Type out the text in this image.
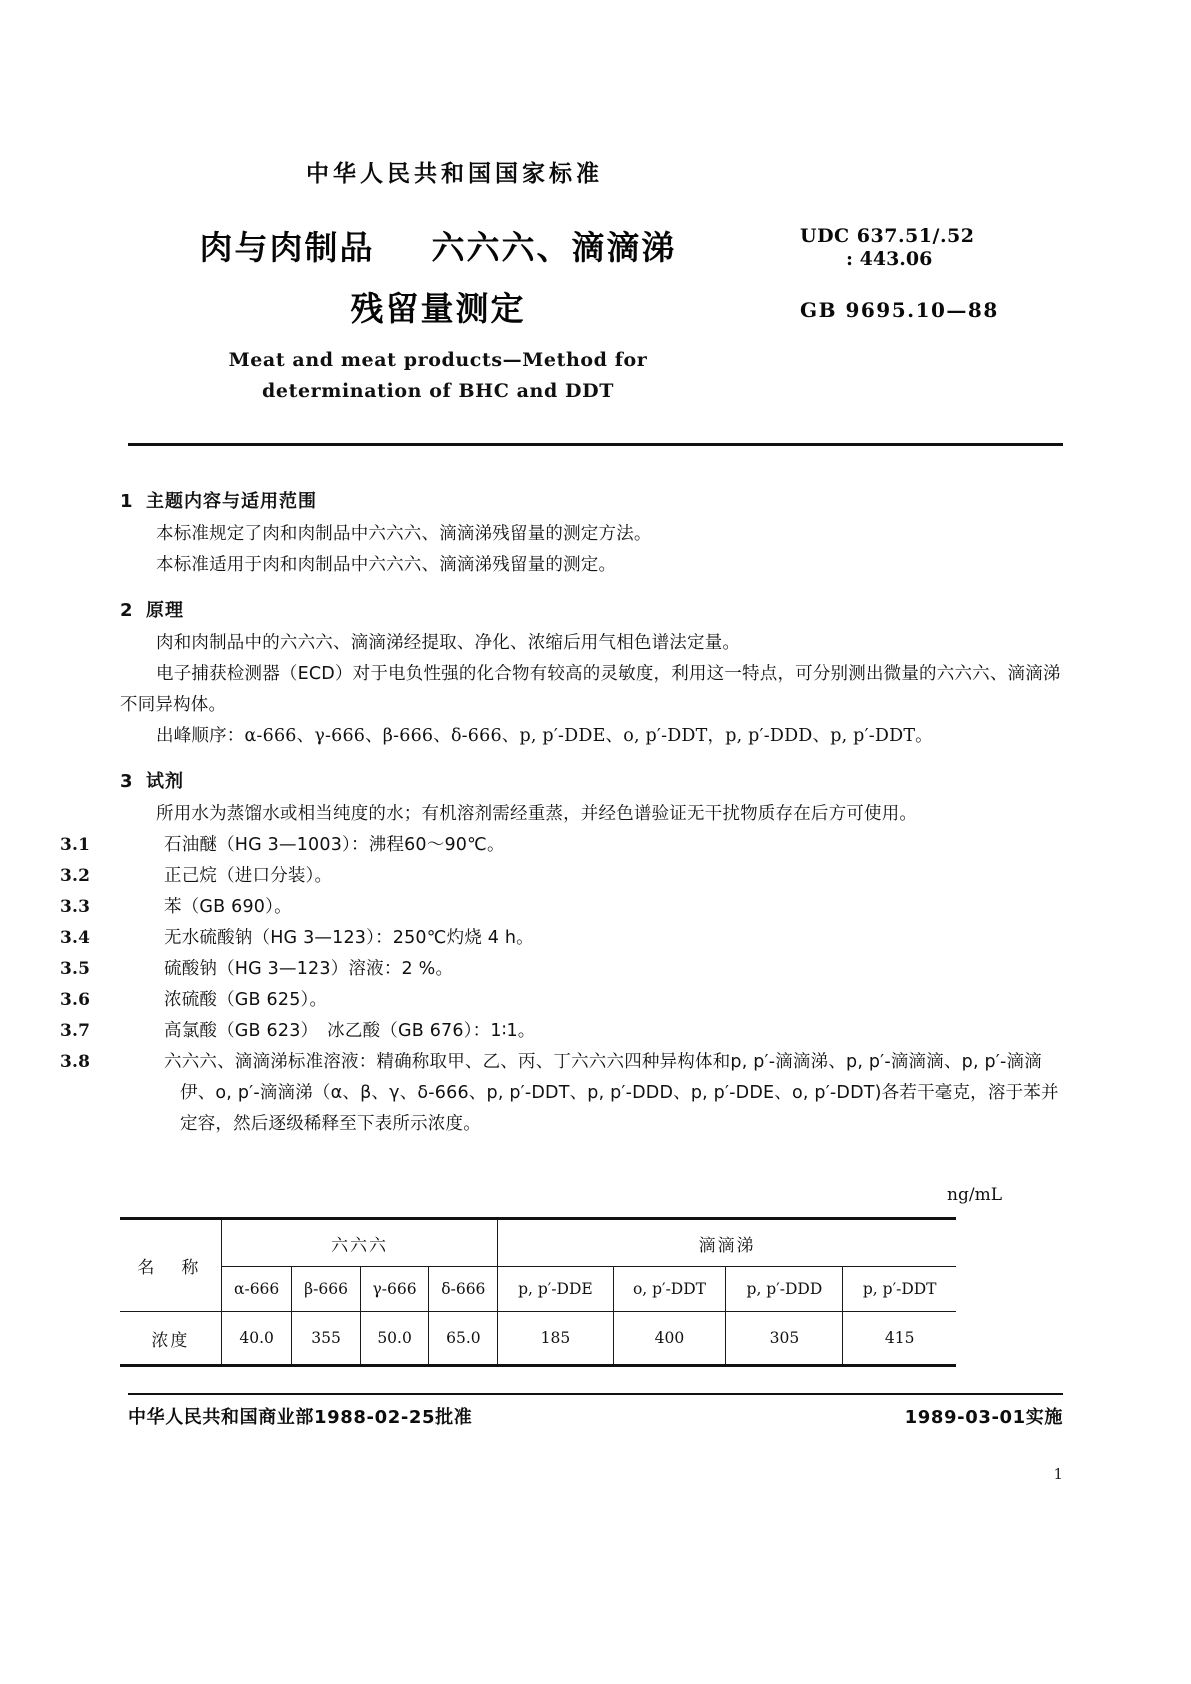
中华人民共和国国家标准
肉与肉制品 六六六、滴滴涕
残留量测定
UDC 637.51/.52
: 443.06
GB 9695.10—88
Meat and meat products—Method for
determination of BHC and DDT
1 主题内容与适用范围

本标准规定了肉和肉制品中六六六、滴滴涕残留量的测定方法。

本标准适用于肉和肉制品中六六六、滴滴涕残留量的测定。

2 原理

肉和肉制品中的六六六、滴滴涕经提取、净化、浓缩后用气相色谱法定量。

电子捕获检测器（ECD）对于电负性强的化合物有较高的灵敏度，利用这一特点，可分别测出微量的六六六、滴滴涕不同异构体。

出峰顺序：α-666、γ-666、β-666、δ-666、p, p′-DDE、o, p′-DDT，p, p′-DDD、p, p′-DDT。

3 试剂

所用水为蒸馏水或相当纯度的水；有机溶剂需经重蒸，并经色谱验证无干扰物质存在后方可使用。

3.1	石油醚（HG 3—1003）：沸程60～90℃。

3.2	正己烷（进口分装）。

3.3	苯（GB 690）。

3.4	无水硫酸钠（HG 3—123）：250℃灼烧 4 h。

3.5	硫酸钠（HG 3—123）溶液：2 %。

3.6	浓硫酸（GB 625）。

3.7	高氯酸（GB 623）　冰乙酸（GB 676）：1∶1。

3.8	六六六、滴滴涕标准溶液：精确称取甲、乙、丙、丁六六六四种异构体和p, p′-滴滴涕、p, p′-滴滴滴、p, p′-滴滴伊、o, p′-滴滴涕（α、β、γ、δ-666、p, p′-DDT、p, p′-DDD、p, p′-DDE、o, p′-DDT)各若干毫克，溶于苯并定容，然后逐级稀释至下表所示浓度。

ng/mL
名　称	六六六				滴滴涕			
	α-666	β-666	γ-666	δ-666	p, p′-DDE	o, p′-DDT	p, p′-DDD	p, p′-DDT
浓度	40.0	355	50.0	65.0	185	400	305	415
中华人民共和国商业部1988-02-25批准	1989-03-01实施
1
